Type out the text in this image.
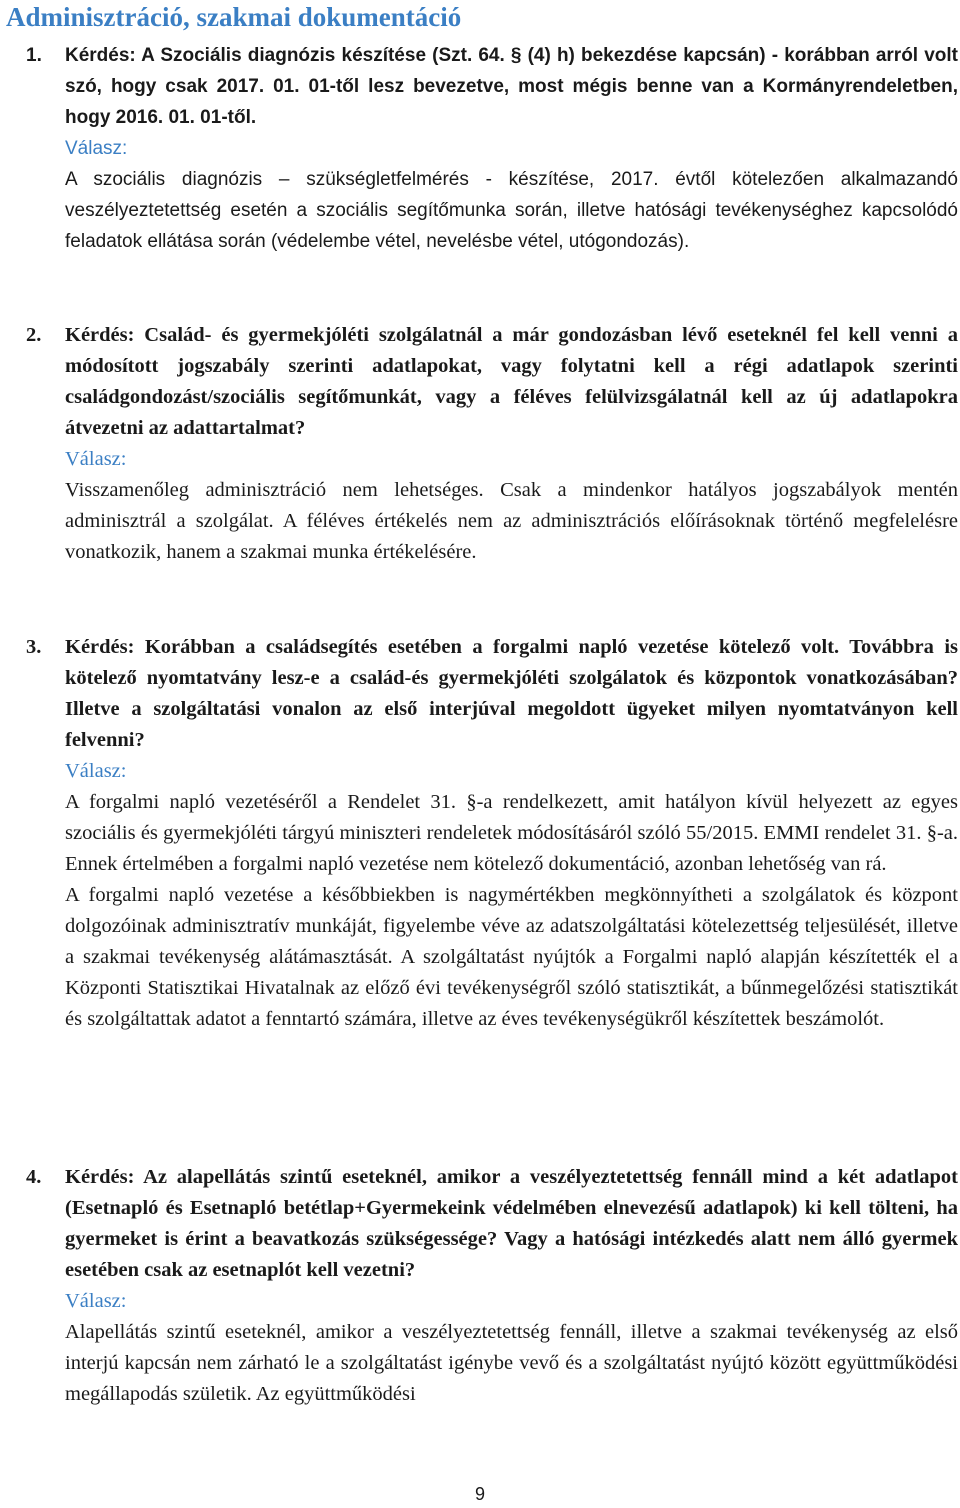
Adminisztráció, szakmai dokumentáció
1. Kérdés: A Szociális diagnózis készítése (Szt. 64. § (4) h) bekezdése kapcsán) - korábban arról volt szó, hogy csak 2017. 01. 01-től lesz bevezetve, most mégis benne van a Kormányrendeletben, hogy 2016. 01. 01-től.
Válasz:
A szociális diagnózis – szükségletfelmérés - készítése, 2017. évtől kötelezően alkalmazandó veszélyeztetettség esetén a szociális segítőmunka során, illetve hatósági tevékenységhez kapcsolódó feladatok ellátása során (védelembe vétel, nevelésbe vétel, utógondozás).
2. Kérdés: Család- és gyermekjóléti szolgálatnál a már gondozásban lévő eseteknél fel kell venni a módosított jogszabály szerinti adatlapokat, vagy folytatni kell a régi adatlapok szerinti családgondozást/szociális segítőmunkát, vagy a féléves felülvizsgálatnál kell az új adatlapokra átvezetni az adattartalmat?
Válasz:
Visszamenőleg adminisztráció nem lehetséges. Csak a mindenkor hatályos jogszabályok mentén adminisztrál a szolgálat. A féléves értékelés nem az adminisztrációs előírásoknak történő megfelelésre vonatkozik, hanem a szakmai munka értékelésére.
3. Kérdés: Korábban a családsegítés esetében a forgalmi napló vezetése kötelező volt. Továbbra is kötelező nyomtatvány lesz-e a család-és gyermekjóléti szolgálatok és központok vonatkozásában? Illetve a szolgáltatási vonalon az első interjúval megoldott ügyeket milyen nyomtatványon kell felvenni?
Válasz:
A forgalmi napló vezetéséről a Rendelet 31. §-a rendelkezett, amit hatályon kívül helyezett az egyes szociális és gyermekjóléti tárgyú miniszteri rendeletek módosításáról szóló 55/2015. EMMI rendelet 31. §-a. Ennek értelmében a forgalmi napló vezetése nem kötelező dokumentáció, azonban lehetőség van rá.
A forgalmi napló vezetése a későbbiekben is nagymértékben megkönnyítheti a szolgálatok és központ dolgozóinak adminisztratív munkáját, figyelembe véve az adatszolgáltatási kötelezettség teljesülését, illetve a szakmai tevékenység alátámasztását. A szolgáltatást nyújtók a Forgalmi napló alapján készítették el a Központi Statisztikai Hivatalnak az előző évi tevékenységről szóló statisztikát, a bűnmegelőzési statisztikát és szolgáltattak adatot a fenntartó számára, illetve az éves tevékenységükről készítettek beszámolót.
4. Kérdés: Az alapellátás szintű eseteknél, amikor a veszélyeztetettség fennáll mind a két adatlapot (Esetnapló és Esetnapló betétlap+Gyermekeink védelmében elnevezésű adatlapok) ki kell tölteni, ha gyermeket is érint a beavatkozás szükségessége? Vagy a hatósági intézkedés alatt nem álló gyermek esetében csak az esetnaplót kell vezetni?
Válasz:
Alapellátás szintű eseteknél, amikor a veszélyeztetettség fennáll, illetve a szakmai tevékenység az első interjú kapcsán nem zárható le a szolgáltatást igénybe vevő és a szolgáltatást nyújtó között együttműködési megállapodás születik. Az együttműködési
9
